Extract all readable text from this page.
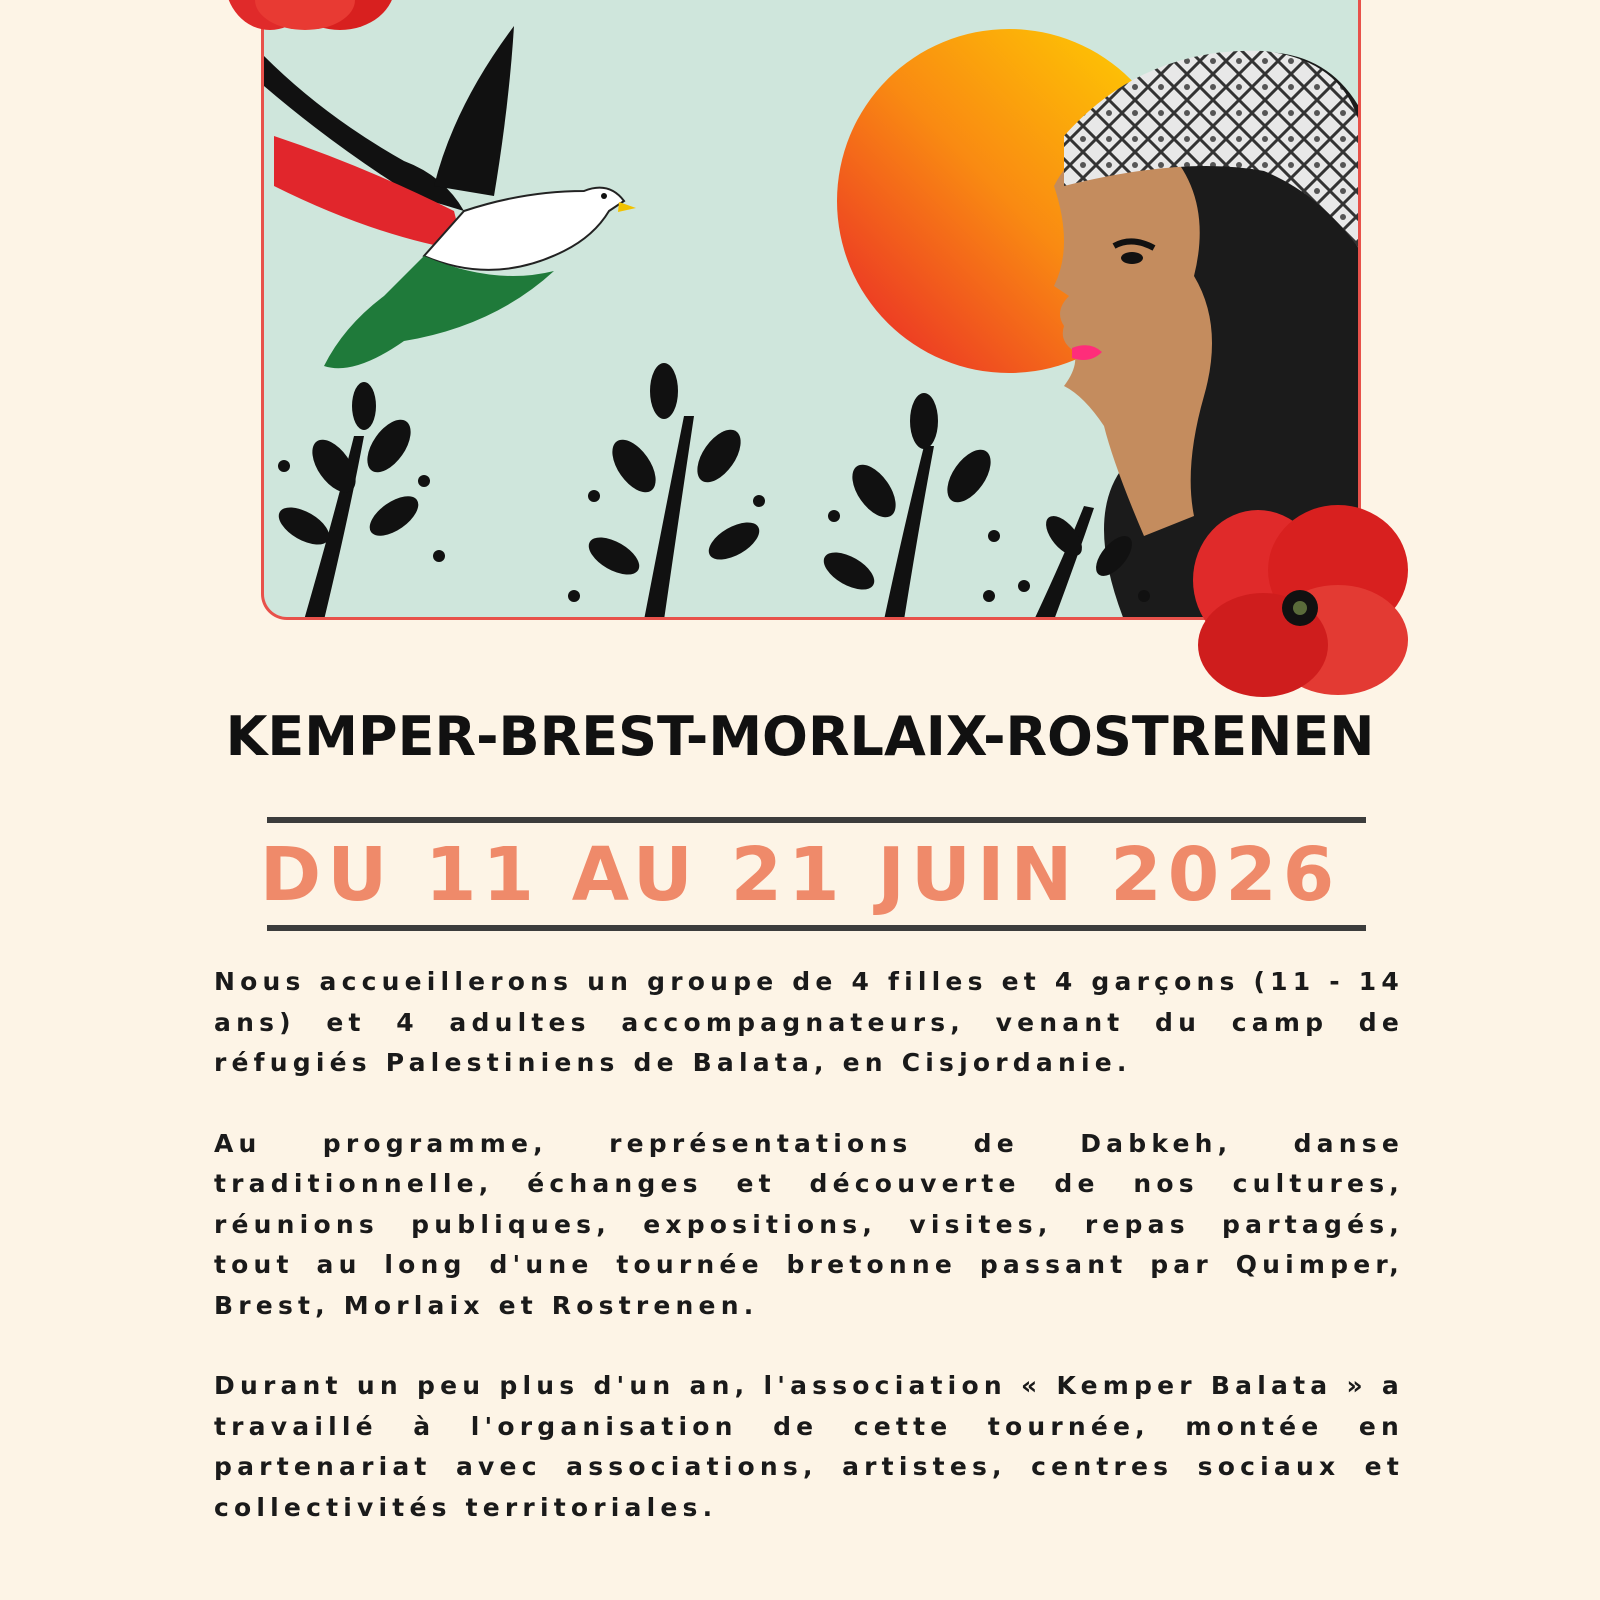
KEMPER-BREST-MORLAIX-ROSTRENEN
DU 11 AU 21 JUIN 2026

Nous accueillerons un groupe de 4 filles et 4 garçons (11 - 14 ans) et 4 adultes accompagnateurs, venant du camp de réfugiés Palestiniens de Balata, en Cisjordanie.

Au programme, représentations de Dabkeh, danse traditionnelle, échanges et découverte de nos cultures, réunions publiques, expositions, visites, repas partagés, tout au long d'une tournée bretonne passant par Quimper, Brest, Morlaix et Rostrenen.

Durant un peu plus d'un an, l'association « Kemper Balata » a travaillé à l'organisation de cette tournée, montée en partenariat avec associations, artistes, centres sociaux et collectivités territoriales.
